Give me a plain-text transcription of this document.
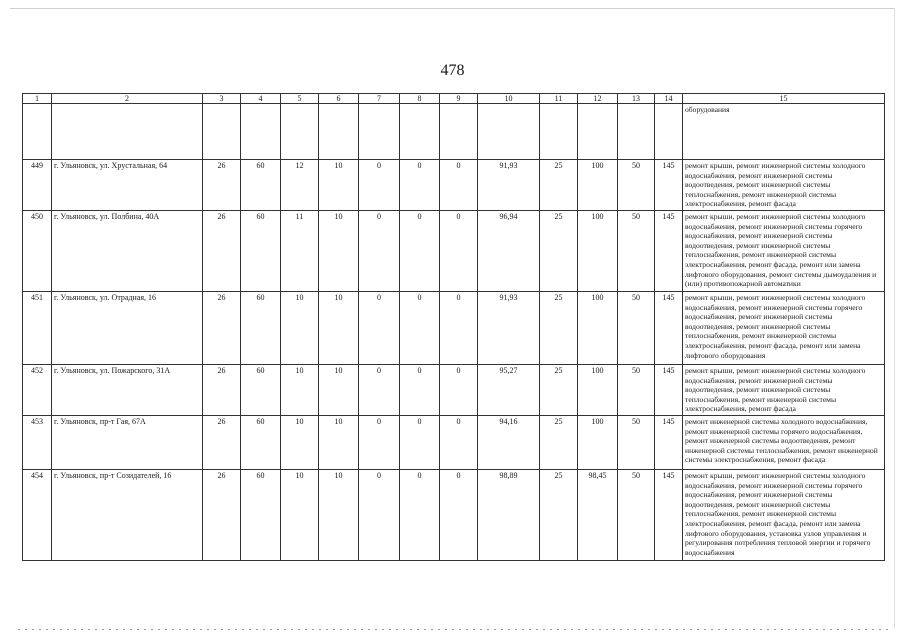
478
1	2	3	4	5	6	7	8	9	10	11	12	13	14	15
														оборудования
449	г. Ульяновск, ул. Хрустальная, 64	26	60	12	10	0	0	0	91,93	25	100	50	145	ремонт крыши, ремонт инженерной системы холодного водоснабжения, ремонт инженерной системы водоотведения, ремонт инженерной системы теплоснабжения, ремонт инженерной системы электроснабжения, ремонт фасада
450	г. Ульяновск, ул. Полбина, 40А	26	60	11	10	0	0	0	96,94	25	100	50	145	ремонт крыши, ремонт инженерной системы холодного водоснабжения, ремонт инженерной системы горячего водоснабжения, ремонт инженерной системы водоотведения, ремонт инженерной системы теплоснабжения, ремонт инженерной системы электроснабжения, ремонт фасада, ремонт или замена лифтового оборудования, ремонт системы дымоудаления и (или) противопожарной автоматики
451	г. Ульяновск, ул. Отрадная, 16	26	60	10	10	0	0	0	91,93	25	100	50	145	ремонт крыши, ремонт инженерной системы холодного водоснабжения, ремонт инженерной системы горячего водоснабжения, ремонт инженерной системы водоотведения, ремонт инженерной системы теплоснабжения, ремонт инженерной системы электроснабжения, ремонт фасада, ремонт или замена лифтового оборудования
452	г. Ульяновск, ул. Пожарского, 31А	26	60	10	10	0	0	0	95,27	25	100	50	145	ремонт крыши, ремонт инженерной системы холодного водоснабжения, ремонт инженерной системы водоотведения, ремонт инженерной системы теплоснабжения, ремонт инженерной системы электроснабжения, ремонт фасада
453	г. Ульяновск, пр-т Гая, 67А	26	60	10	10	0	0	0	94,16	25	100	50	145	ремонт инженерной системы холодного водоснабжения, ремонт инженерной системы горячего водоснабжения, ремонт инженерной системы водоотведения, ремонт инженерной системы теплоснабжения, ремонт инженерной системы электроснабжения, ремонт фасада
454	г. Ульяновск, пр-т Созидателей, 16	26	60	10	10	0	0	0	98,89	25	98,45	50	145	ремонт крыши, ремонт инженерной системы холодного водоснабжения, ремонт инженерной системы горячего водоснабжения, ремонт инженерной системы водоотведения, ремонт инженерной системы теплоснабжения, ремонт инженерной системы электроснабжения, ремонт фасада, ремонт или замена лифтового оборудования, установка узлов управления и регулирования потребления тепловой энергии и горячего водоснабжения
